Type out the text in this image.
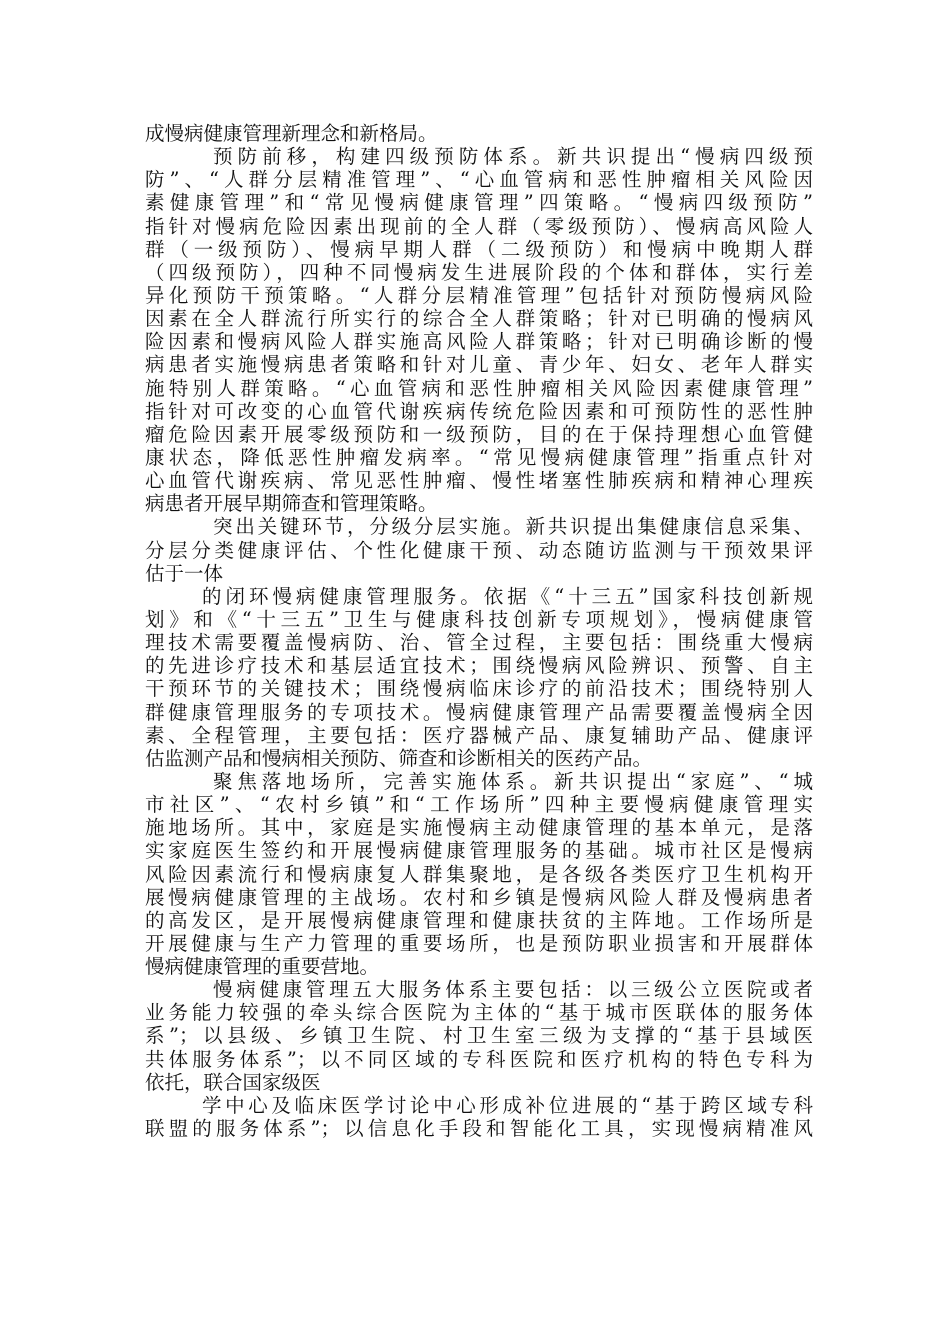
成慢病健康管理新理念和新格局。
预防前移，构建四级预防体系。新共识提出“慢病四级预
防”、“人群分层精准管理”、“心血管病和恶性肿瘤相关风险因
素健康管理”和“常见慢病健康管理”四策略。“慢病四级预防”
指针对慢病危险因素出现前的全人群（零级预防）、慢病高风险人
群（一级预防）、慢病早期人群（二级预防）和慢病中晚期人群
（四级预防），四种不同慢病发生进展阶段的个体和群体，实行差
异化预防干预策略。“人群分层精准管理”包括针对预防慢病风险
因素在全人群流行所实行的综合全人群策略；针对已明确的慢病风
险因素和慢病风险人群实施高风险人群策略；针对已明确诊断的慢
病患者实施慢病患者策略和针对儿童、青少年、妇女、老年人群实
施特别人群策略。“心血管病和恶性肿瘤相关风险因素健康管理”
指针对可改变的心血管代谢疾病传统危险因素和可预防性的恶性肿
瘤危险因素开展零级预防和一级预防，目的在于保持理想心血管健
康状态，降低恶性肿瘤发病率。“常见慢病健康管理”指重点针对
心血管代谢疾病、常见恶性肿瘤、慢性堵塞性肺疾病和精神心理疾
病患者开展早期筛查和管理策略。
突出关键环节，分级分层实施。新共识提出集健康信息采集、
分层分类健康评估、个性化健康干预、动态随访监测与干预效果评
估于一体
的闭环慢病健康管理服务。依据《“十三五”国家科技创新规
划》和《“十三五”卫生与健康科技创新专项规划》，慢病健康管
理技术需要覆盖慢病防、治、管全过程，主要包括：围绕重大慢病
的先进诊疗技术和基层适宜技术；围绕慢病风险辨识、预警、自主
干预环节的关键技术；围绕慢病临床诊疗的前沿技术；围绕特别人
群健康管理服务的专项技术。慢病健康管理产品需要覆盖慢病全因
素、全程管理，主要包括：医疗器械产品、康复辅助产品、健康评
估监测产品和慢病相关预防、筛查和诊断相关的医药产品。
聚焦落地场所，完善实施体系。新共识提出“家庭”、“城
市社区”、“农村乡镇”和“工作场所”四种主要慢病健康管理实
施地场所。其中，家庭是实施慢病主动健康管理的基本单元，是落
实家庭医生签约和开展慢病健康管理服务的基础。城市社区是慢病
风险因素流行和慢病康复人群集聚地，是各级各类医疗卫生机构开
展慢病健康管理的主战场。农村和乡镇是慢病风险人群及慢病患者
的高发区，是开展慢病健康管理和健康扶贫的主阵地。工作场所是
开展健康与生产力管理的重要场所，也是预防职业损害和开展群体
慢病健康管理的重要营地。
慢病健康管理五大服务体系主要包括：以三级公立医院或者
业务能力较强的牵头综合医院为主体的“基于城市医联体的服务体
系”；以县级、乡镇卫生院、村卫生室三级为支撑的“基于县域医
共体服务体系”；以不同区域的专科医院和医疗机构的特色专科为
依托，联合国家级医
学中心及临床医学讨论中心形成补位进展的“基于跨区域专科
联盟的服务体系”；以信息化手段和智能化工具，实现慢病精准风
